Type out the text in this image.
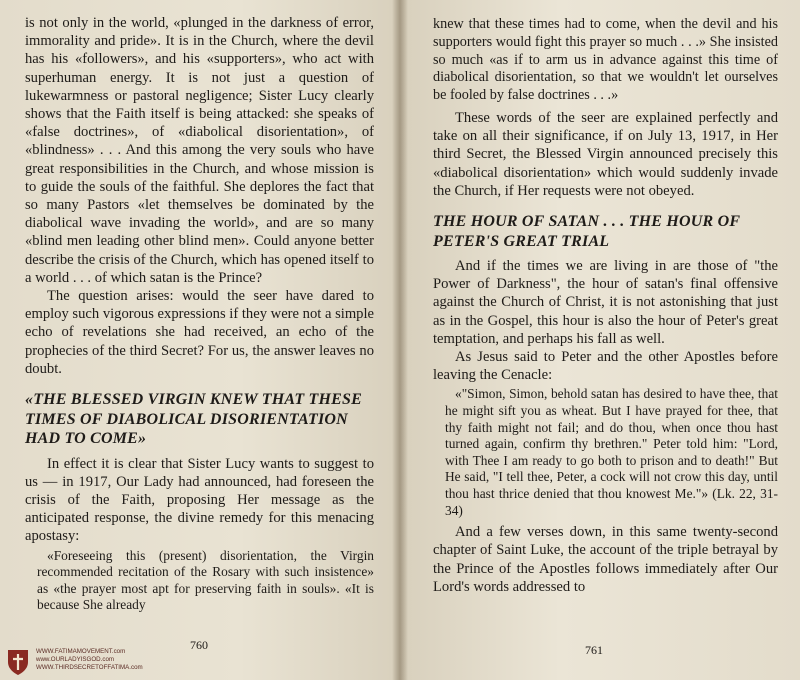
is not only in the world, «plunged in the darkness of error, immorality and pride». It is in the Church, where the devil has his «followers», and his «supporters», who act with superhuman energy. It is not just a question of lukewarmness or pastoral negligence; Sister Lucy clearly shows that the Faith itself is being attacked: she speaks of «false doctrines», of «diabolical disorientation», of «blindness» . . . And this among the very souls who have great responsibilities in the Church, and whose mission is to guide the souls of the faithful. She deplores the fact that so many Pastors «let themselves be dominated by the diabolical wave invading the world», and are so many «blind men leading other blind men». Could anyone better describe the crisis of the Church, which has opened itself to a world . . . of which satan is the Prince?

The question arises: would the seer have dared to employ such vigorous expressions if they were not a simple echo of revelations she had received, an echo of the prophecies of the third Secret? For us, the answer leaves no doubt.

«THE BLESSED VIRGIN KNEW THAT THESE TIMES OF DIABOLICAL DISORIENTATION HAD TO COME»

In effect it is clear that Sister Lucy wants to suggest to us — in 1917, Our Lady had announced, had foreseen the crisis of the Faith, proposing Her message as the anticipated response, the divine remedy for this menacing apostasy:

«Foreseeing this (present) disorientation, the Virgin recommended recitation of the Rosary with such insistence» as «the prayer most apt for preserving faith in souls». «It is because She already

760

knew that these times had to come, when the devil and his supporters would fight this prayer so much . . .» She insisted so much «as if to arm us in advance against this time of diabolical disorientation, so that we wouldn't let ourselves be fooled by false doctrines . . .»

These words of the seer are explained perfectly and take on all their significance, if on July 13, 1917, in Her third Secret, the Blessed Virgin announced precisely this «diabolical disorientation» which would suddenly invade the Church, if Her requests were not obeyed.

THE HOUR OF SATAN . . . THE HOUR OF PETER'S GREAT TRIAL

And if the times we are living in are those of "the Power of Darkness", the hour of satan's final offensive against the Church of Christ, it is not astonishing that just as in the Gospel, this hour is also the hour of Peter's great temptation, and perhaps his fall as well.

As Jesus said to Peter and the other Apostles before leaving the Cenacle:

«"Simon, Simon, behold satan has desired to have thee, that he might sift you as wheat. But I have prayed for thee, that thy faith might not fail; and do thou, when once thou hast turned again, confirm thy brethren." Peter told him: "Lord, with Thee I am ready to go both to prison and to death!" But He said, "I tell thee, Peter, a cock will not crow this day, until thou hast thrice denied that thou knowest Me."» (Lk. 22, 31-34)

And a few verses down, in this same twenty-second chapter of Saint Luke, the account of the triple betrayal by the Prince of the Apostles follows immediately after Our Lord's words addressed to

761
WWW.FATIMAMOVEMENT.com
www.OURLADYISGOD.com
WWW.THIRDSECRETOFFATIMA.com
